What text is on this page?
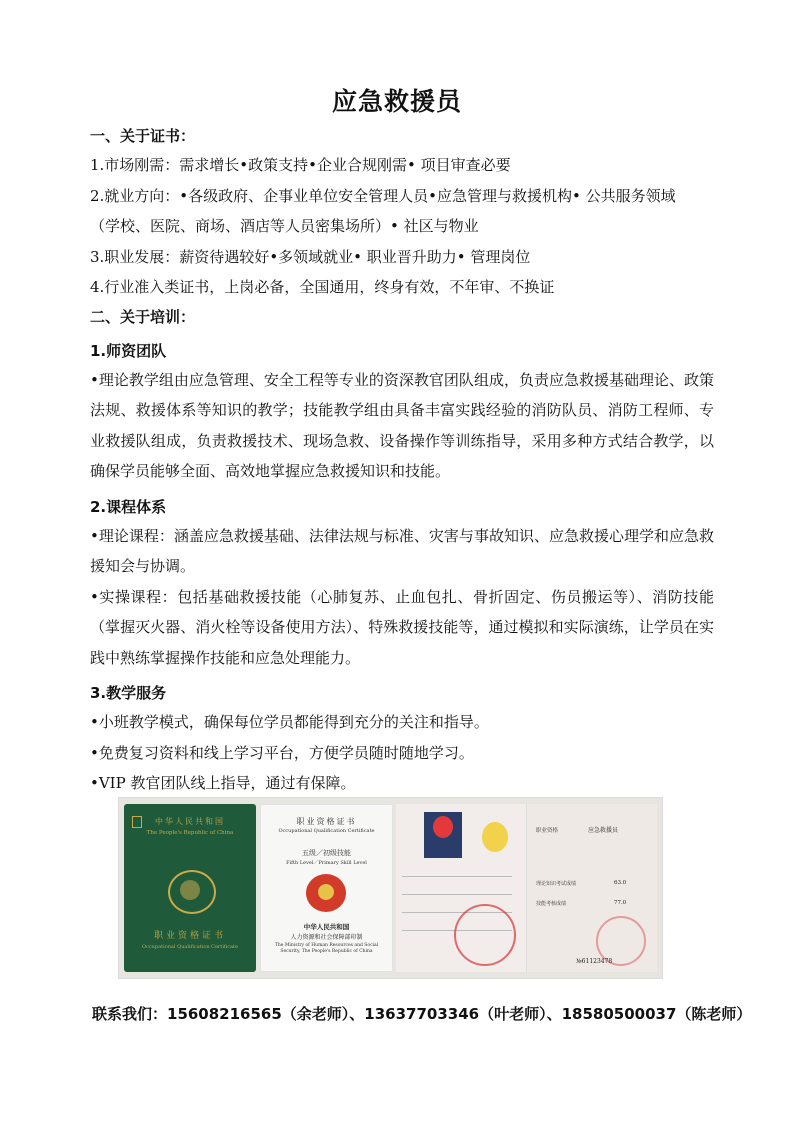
应急救援员
一、关于证书：
1.市场刚需：需求增长•政策支持•企业合规刚需• 项目审查必要
2.就业方向：•各级政府、企事业单位安全管理人员•应急管理与救援机构• 公共服务领域
（学校、医院、商场、酒店等人员密集场所）• 社区与物业
3.职业发展：薪资待遇较好•多领域就业• 职业晋升助力• 管理岗位
4.行业准入类证书，上岗必备，全国通用，终身有效，不年审、不换证
二、关于培训：
1.师资团队
•理论教学组由应急管理、安全工程等专业的资深教官团队组成，负责应急救援基础理论、政策法规、救援体系等知识的教学；技能教学组由具备丰富实践经验的消防队员、消防工程师、专业救援队组成，负责救援技术、现场急救、设备操作等训练指导，采用多种方式结合教学，以确保学员能够全面、高效地掌握应急救援知识和技能。
2.课程体系
•理论课程：涵盖应急救援基础、法律法规与标准、灾害与事故知识、应急救援心理学和应急救援知会与协调。
•实操课程：包括基础救援技能（心肺复苏、止血包扎、骨折固定、伤员搬运等）、消防技能（掌握灭火器、消火栓等设备使用方法）、特殊救援技能等，通过模拟和实际演练，让学员在实践中熟练掌握操作技能和应急处理能力。
3.教学服务
•小班教学模式，确保每位学员都能得到充分的关注和指导。
•免费复习资料和线上学习平台，方便学员随时随地学习。
•VIP 教官团队线上指导，通过有保障。
中华人民共和国
The People's Republic of China
职业资格证书
Occupational Qualification Certificate
职业资格证书
Occupational Qualification Certificate
五级／初级技能
Fifth Level／Primary Skill Level
中华人民共和国
人力资源和社会保障部印制
The Ministry of Human Resources and Social Security, The People's Republic of China
职业资格	应急救援员
理论知识考试成绩	63.0
技能考核成绩	77.0
№61123478
联系我们：15608216565（余老师）、13637703346（叶老师）、18580500037（陈老师）
